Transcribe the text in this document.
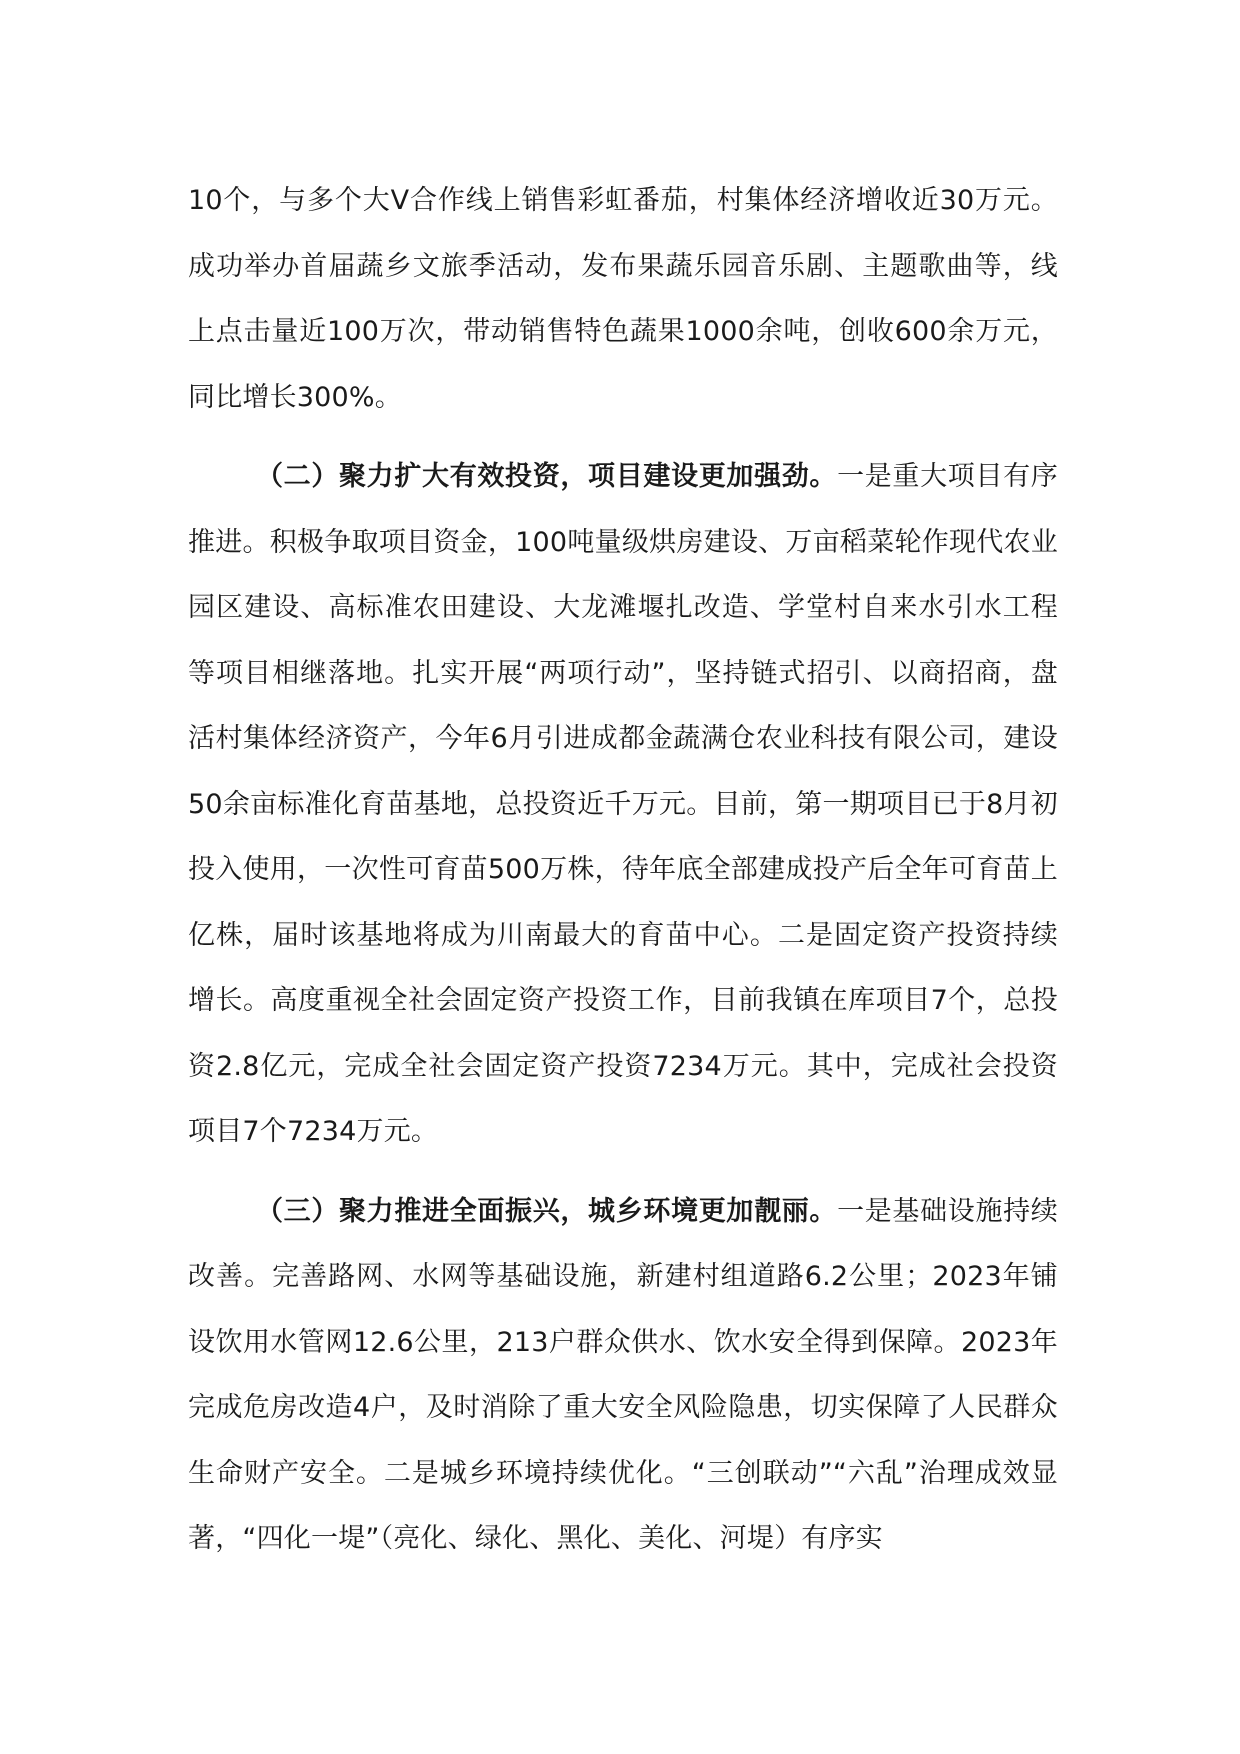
10个，与多个大V合作线上销售彩虹番茄，村集体经济增收近30万元。成功举办首届蔬乡文旅季活动，发布果蔬乐园音乐剧、主题歌曲等，线上点击量近100万次，带动销售特色蔬果1000余吨，创收600余万元，同比增长300%。

（二）聚力扩大有效投资，项目建设更加强劲。一是重大项目有序推进。积极争取项目资金，100吨量级烘房建设、万亩稻菜轮作现代农业园区建设、高标准农田建设、大龙滩堰扎改造、学堂村自来水引水工程等项目相继落地。扎实开展“两项行动”，坚持链式招引、以商招商，盘活村集体经济资产，今年6月引进成都金蔬满仓农业科技有限公司，建设50余亩标准化育苗基地，总投资近千万元。目前，第一期项目已于8月初投入使用，一次性可育苗500万株，待年底全部建成投产后全年可育苗上亿株，届时该基地将成为川南最大的育苗中心。二是固定资产投资持续增长。高度重视全社会固定资产投资工作，目前我镇在库项目7个，总投资2.8亿元，完成全社会固定资产投资7234万元。其中，完成社会投资项目7个7234万元。

（三）聚力推进全面振兴，城乡环境更加靓丽。一是基础设施持续改善。完善路网、水网等基础设施，新建村组道路6.2公里；2023年铺设饮用水管网12.6公里，213户群众供水、饮水安全得到保障。2023年完成危房改造4户，及时消除了重大安全风险隐患，切实保障了人民群众生命财产安全。二是城乡环境持续优化。“三创联动”“六乱”治理成效显著，“四化一堤”（亮化、绿化、黑化、美化、河堤）有序实
